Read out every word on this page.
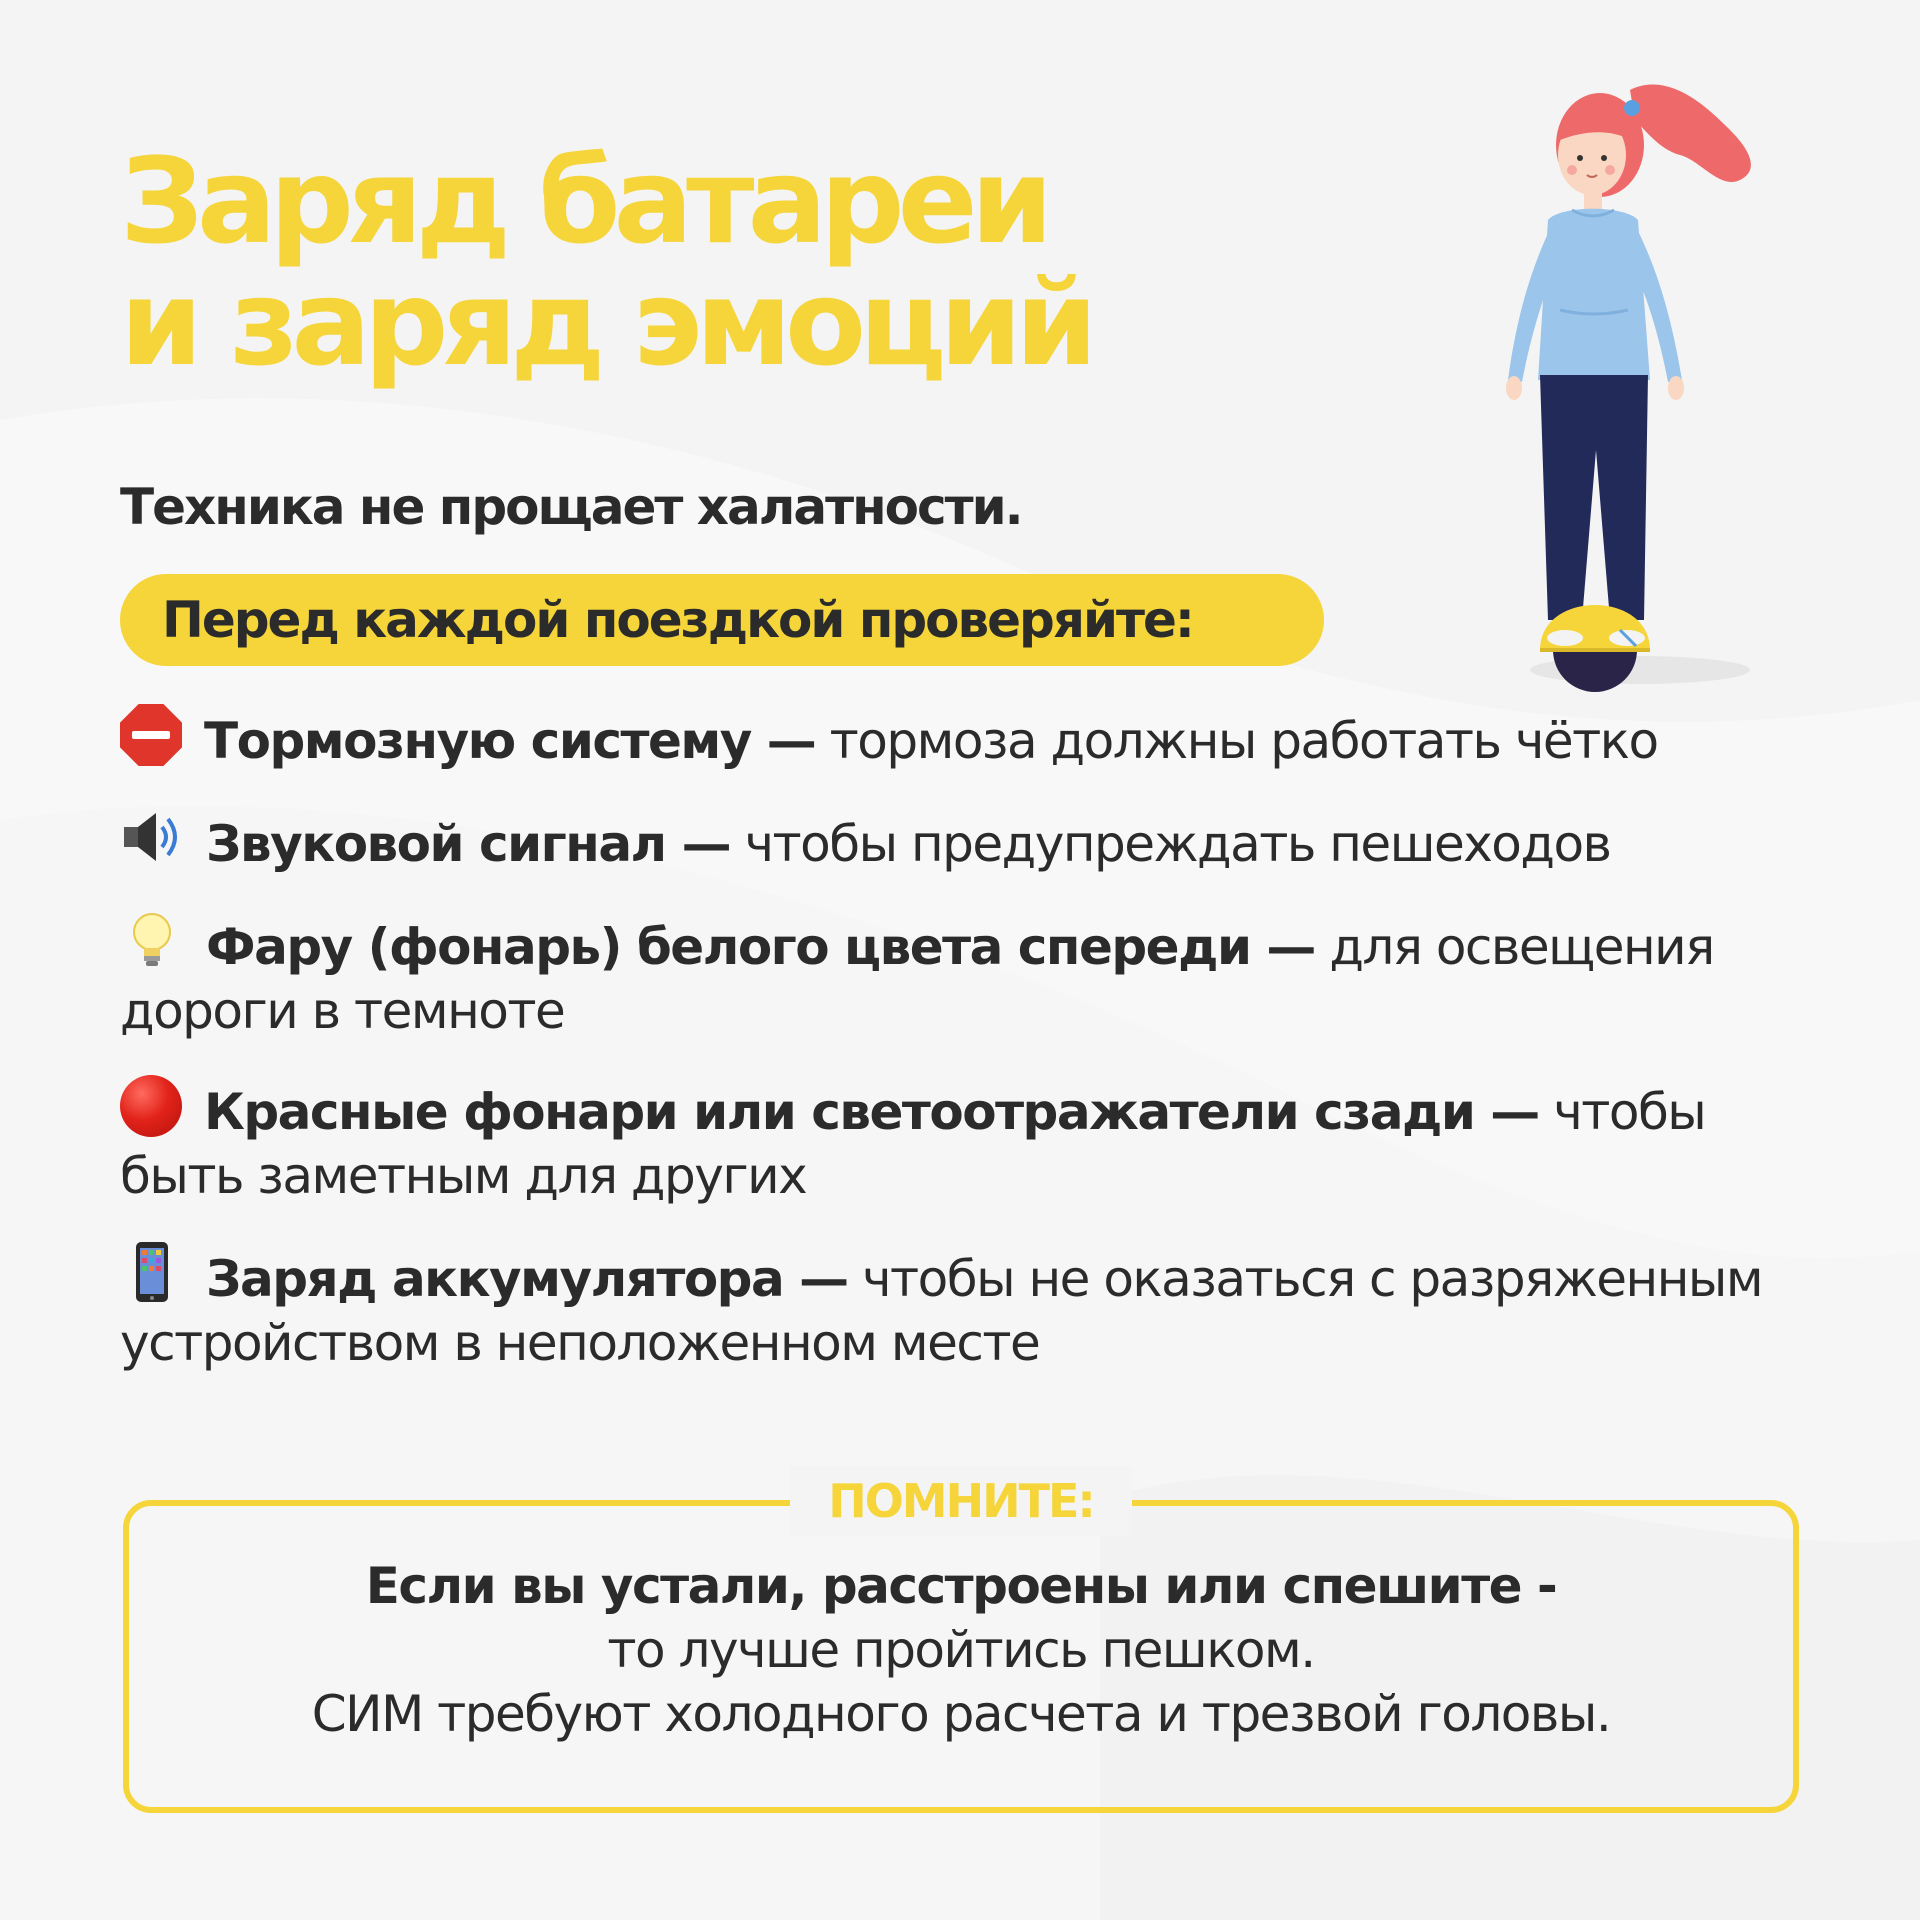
Заряд батареи
и заряд эмоций
Техника не прощает халатности.
Перед каждой поездкой проверяйте:
Тормозную систему — тормоза должны работать чётко
Звуковой сигнал — чтобы предупреждать пешеходов
Фару (фонарь) белого цвета спереди — для освещения дороги в темноте
Красные фонари или светоотражатели сзади — чтобы быть заметным для других
Заряд аккумулятора — чтобы не оказаться с разряженным устройством в неположенном месте
ПОМНИТЕ:
Если вы устали, расстроены или спешите -
то лучше пройтись пешком.
СИМ требуют холодного расчета и трезвой головы.
